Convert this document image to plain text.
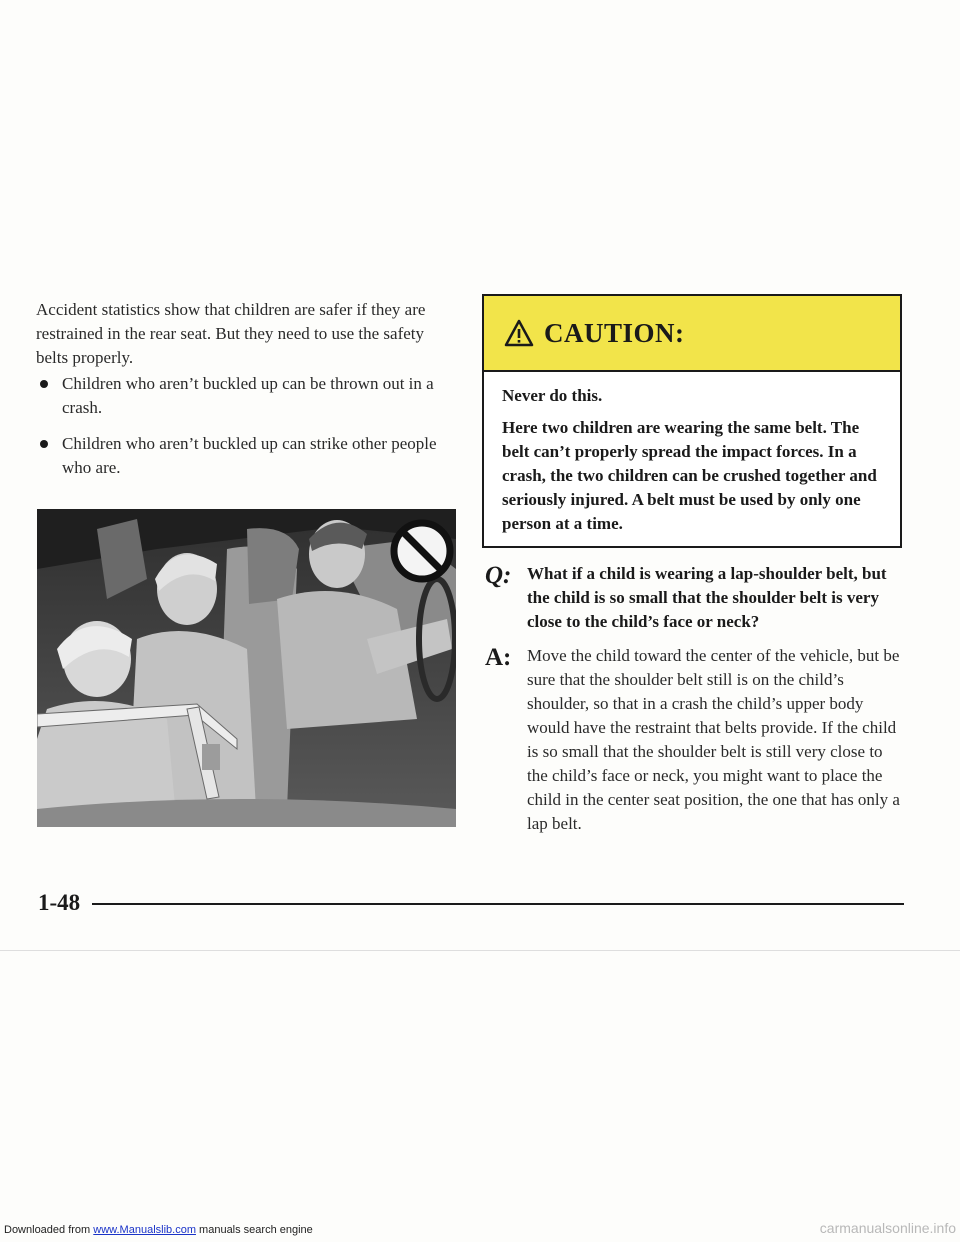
Accident statistics show that children are safer if they are restrained in the rear seat. But they need to use the safety belts properly.

Children who aren’t buckled up can be thrown out in a crash.
Children who aren’t buckled up can strike other people who are.
CAUTION:

Never do this.

Here two children are wearing the same belt. The belt can’t properly spread the impact forces. In a crash, the two children can be crushed together and seriously injured. A belt must be used by only one person at a time.

Q: What if a child is wearing a lap-shoulder belt, but the child is so small that the shoulder belt is very close to the child’s face or neck?

A: Move the child toward the center of the vehicle, but be sure that the shoulder belt still is on the child’s shoulder, so that in a crash the child’s upper body would have the restraint that belts provide. If the child is so small that the shoulder belt is still very close to the child’s face or neck, you might want to place the child in the center seat position, the one that has only a lap belt.

1-48
Downloaded from www.Manualslib.com manuals search engine	carmanualsonline.info
